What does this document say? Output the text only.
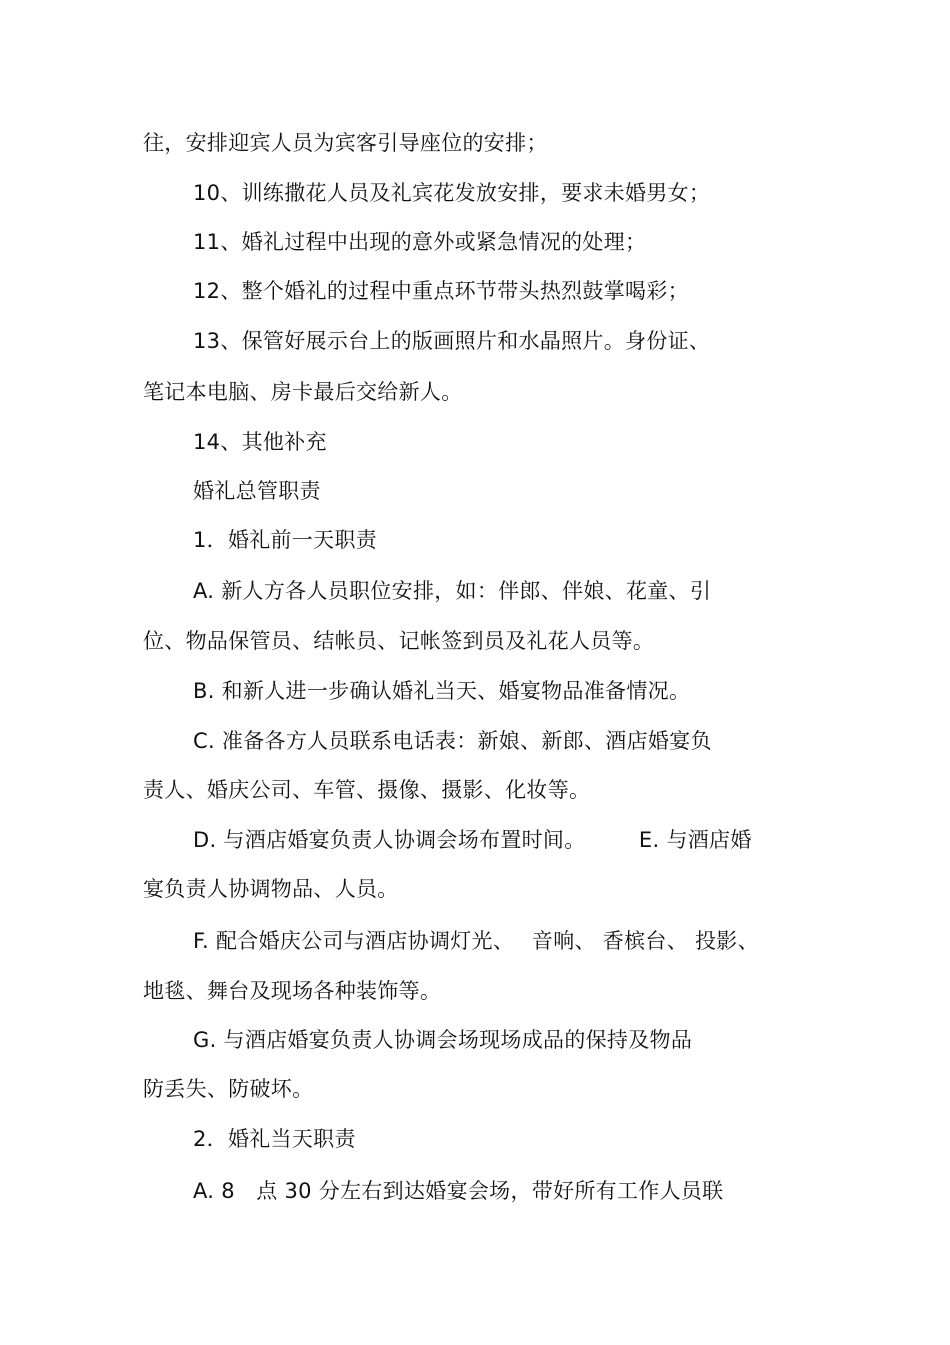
往，安排迎宾人员为宾客引导座位的安排；
10、训练撒花人员及礼宾花发放安排，要求未婚男女；
11、婚礼过程中出现的意外或紧急情况的处理；
12、整个婚礼的过程中重点环节带头热烈鼓掌喝彩；
13、保管好展示台上的版画照片和水晶照片。身份证、
笔记本电脑、房卡最后交给新人。
14、其他补充
婚礼总管职责
1．婚礼前一天职责
A. 新人方各人员职位安排，如：伴郎、伴娘、花童、引
位、物品保管员、结帐员、记帐签到员及礼花人员等。
B. 和新人进一步确认婚礼当天、婚宴物品准备情况。
C. 准备各方人员联系电话表：新娘、新郎、酒店婚宴负
责人、婚庆公司、车管、摄像、摄影、化妆等。
D. 与酒店婚宴负责人协调会场布置时间。　　　E. 与酒店婚
宴负责人协调物品、人员。
F. 配合婚庆公司与酒店协调灯光、　 音响、 香槟台、 投影、
地毯、舞台及现场各种装饰等。
G. 与酒店婚宴负责人协调会场现场成品的保持及物品
防丢失、防破坏。
2．婚礼当天职责
A. 8　点 30 分左右到达婚宴会场，带好所有工作人员联
